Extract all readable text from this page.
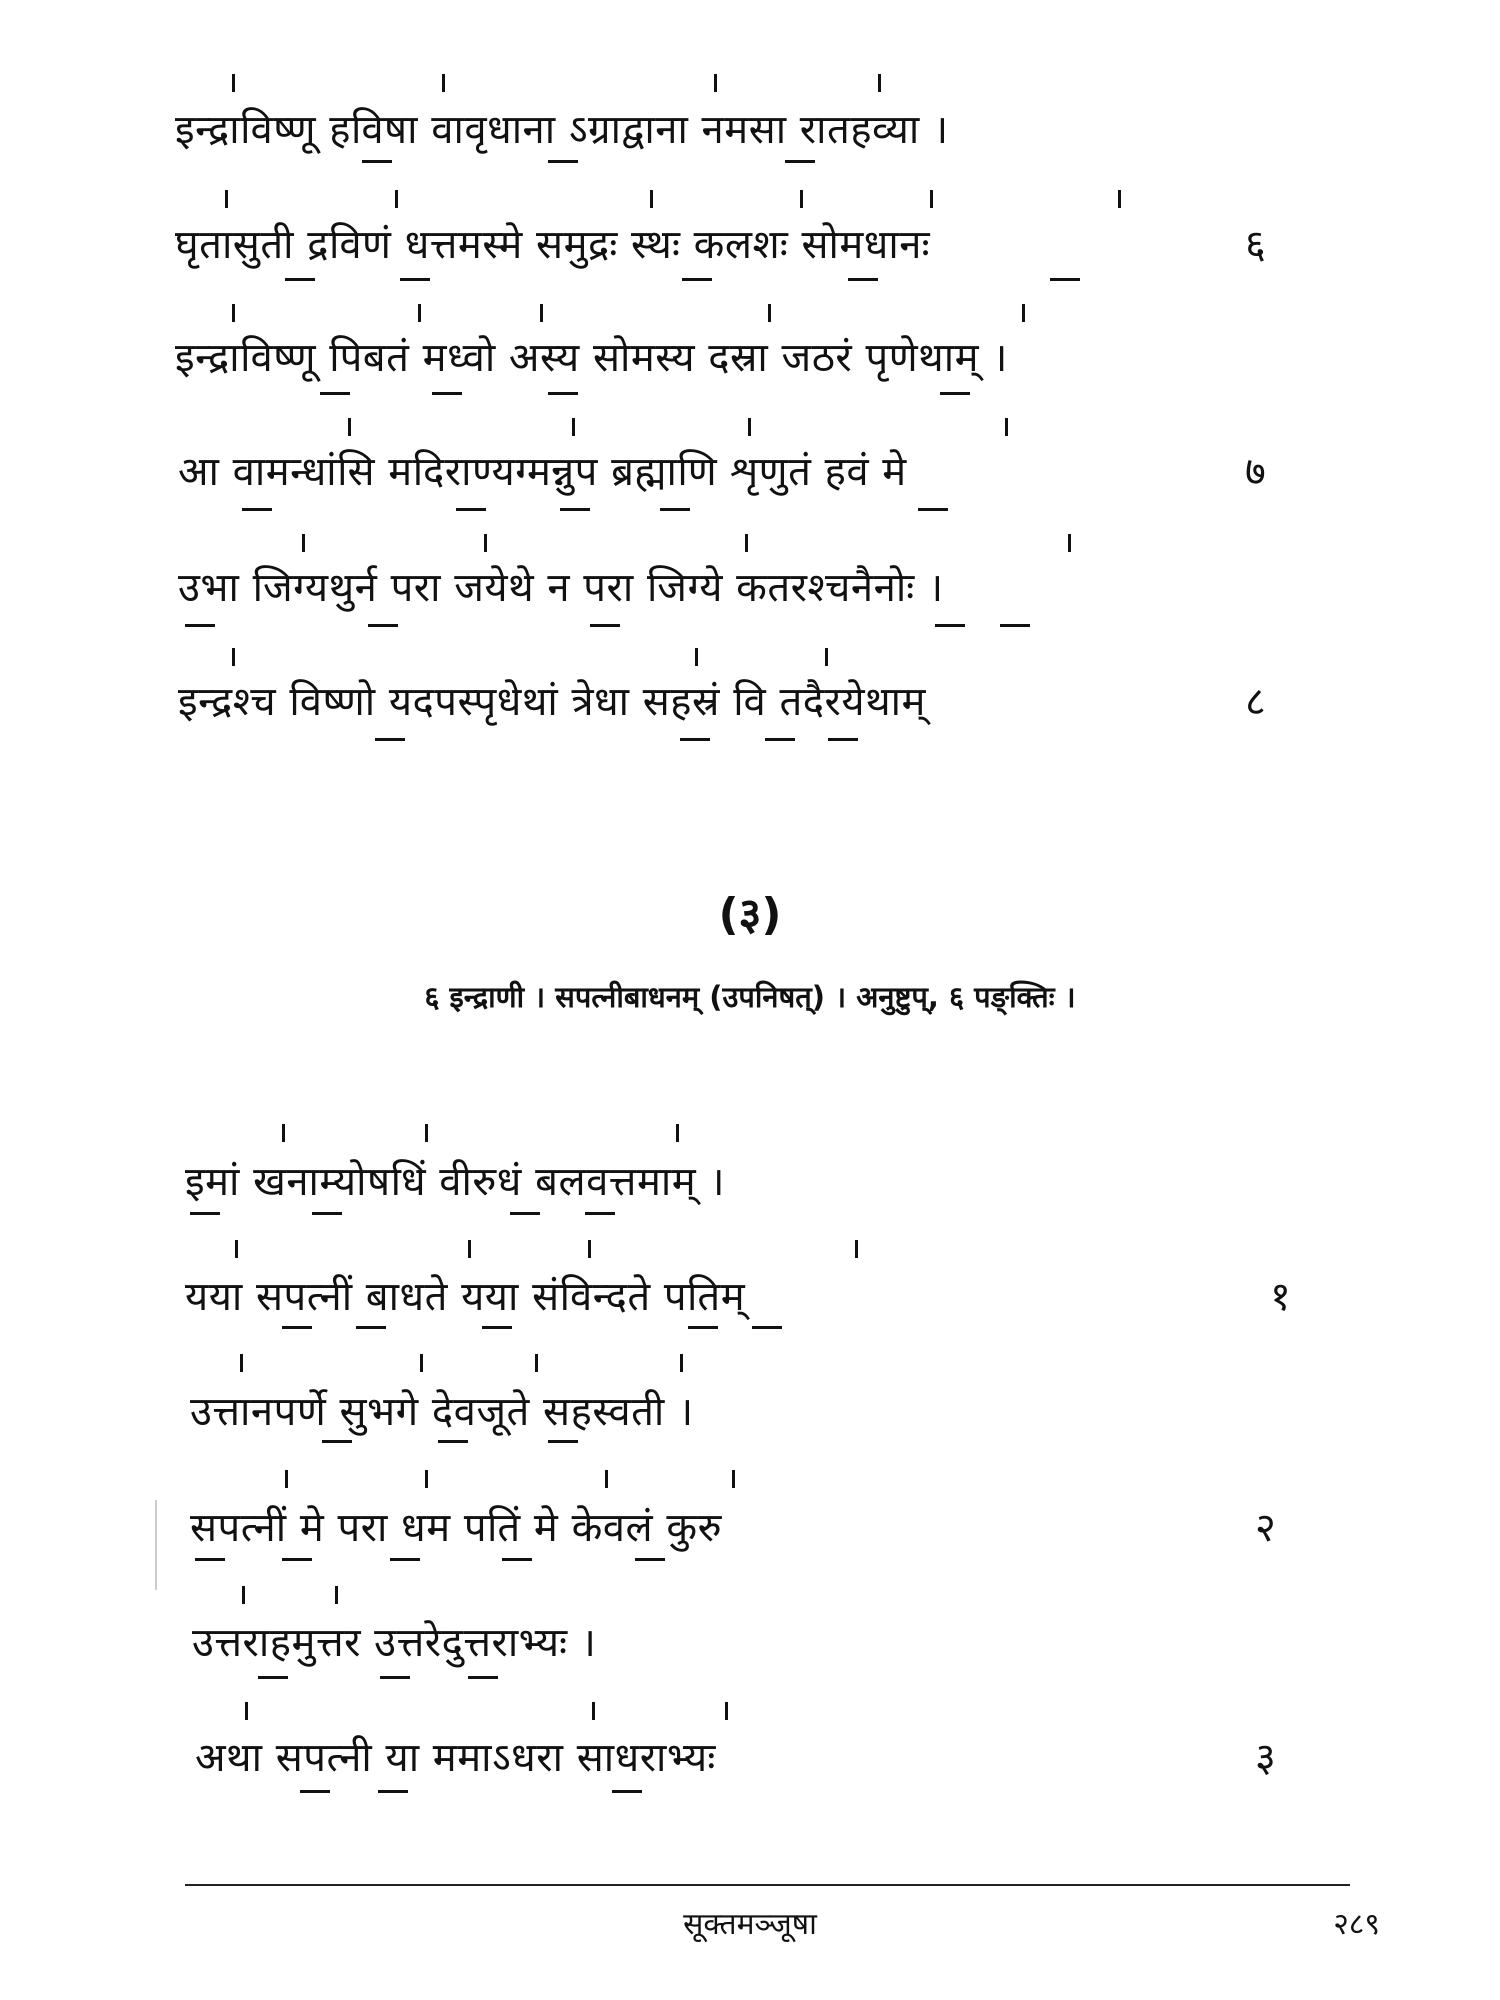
इन्द्राविष्णू हविषा वावृधाना ऽग्राद्वाना नमसा रातहव्या ।
घृतासुती द्रविणं धत्तमस्मे समुद्रः स्थः कलशः सोमधानः	६
इन्द्राविष्णू पिबतं मध्वो अस्य सोमस्य दस्रा जठरं पृणेथाम् ।
आ वामन्धांसि मदिराण्यग्मन्नुप ब्रह्माणि शृणुतं हवं मे	७
उभा जिग्यथुर्न परा जयेथे न परा जिग्ये कतरश्चनैनोः ।
इन्द्रश्च विष्णो यदपस्पृधेथां त्रेधा सहस्रं वि तदैरयेथाम्	८
(३)
६ इन्द्राणी । सपत्नीबाधनम् (उपनिषत्) । अनुष्टुप्, ६ पङ्क्तिः ।
इमां खनाम्योषधिं वीरुधं बलवत्तमाम् ।
यया सपत्नीं बाधते यया संविन्दते पतिम्	१
उत्तानपर्णे सुभगे देवजूते सहस्वती ।
सपत्नीं मे परा धम पतिं मे केवलं कुरु	२
उत्तराहमुत्तर उत्तरेदुत्तराभ्यः ।
अथा सपत्नी या ममाऽधरा साधराभ्यः	३
सूक्तमञ्जूषा	२८९
